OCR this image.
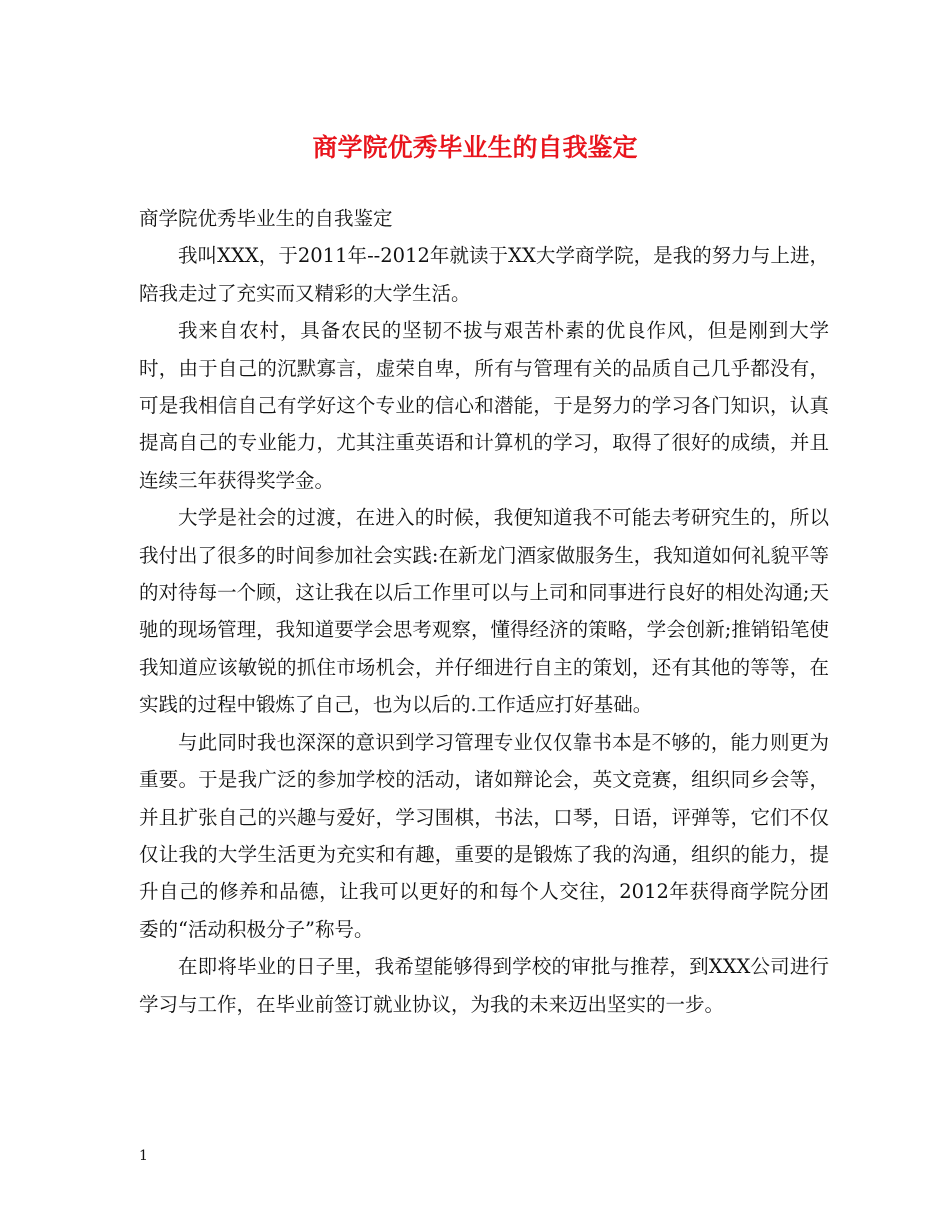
商学院优秀毕业生的自我鉴定

商学院优秀毕业生的自我鉴定

我叫XXX，于2011年--2012年就读于XX大学商学院，是我的努力与上进，陪我走过了充实而又精彩的大学生活。

我来自农村，具备农民的坚韧不拔与艰苦朴素的优良作风，但是刚到大学时，由于自己的沉默寡言，虚荣自卑，所有与管理有关的品质自己几乎都没有，可是我相信自己有学好这个专业的信心和潜能，于是努力的学习各门知识，认真提高自己的专业能力，尤其注重英语和计算机的学习，取得了很好的成绩，并且连续三年获得奖学金。

大学是社会的过渡，在进入的时候，我便知道我不可能去考研究生的，所以我付出了很多的时间参加社会实践:在新龙门酒家做服务生，我知道如何礼貌平等的对待每一个顾，这让我在以后工作里可以与上司和同事进行良好的相处沟通;天驰的现场管理，我知道要学会思考观察，懂得经济的策略，学会创新;推销铅笔使我知道应该敏锐的抓住市场机会，并仔细进行自主的策划，还有其他的等等，在实践的过程中锻炼了自己，也为以后的.工作适应打好基础。

与此同时我也深深的意识到学习管理专业仅仅靠书本是不够的，能力则更为重要。于是我广泛的参加学校的活动，诸如辩论会，英文竞赛，组织同乡会等，并且扩张自己的兴趣与爱好，学习围棋，书法，口琴，日语，评弹等，它们不仅仅让我的大学生活更为充实和有趣，重要的是锻炼了我的沟通，组织的能力，提升自己的修养和品德，让我可以更好的和每个人交往，2012年获得商学院分团委的“活动积极分子”称号。

在即将毕业的日子里，我希望能够得到学校的审批与推荐，到XXX公司进行学习与工作，在毕业前签订就业协议，为我的未来迈出坚实的一步。

1
